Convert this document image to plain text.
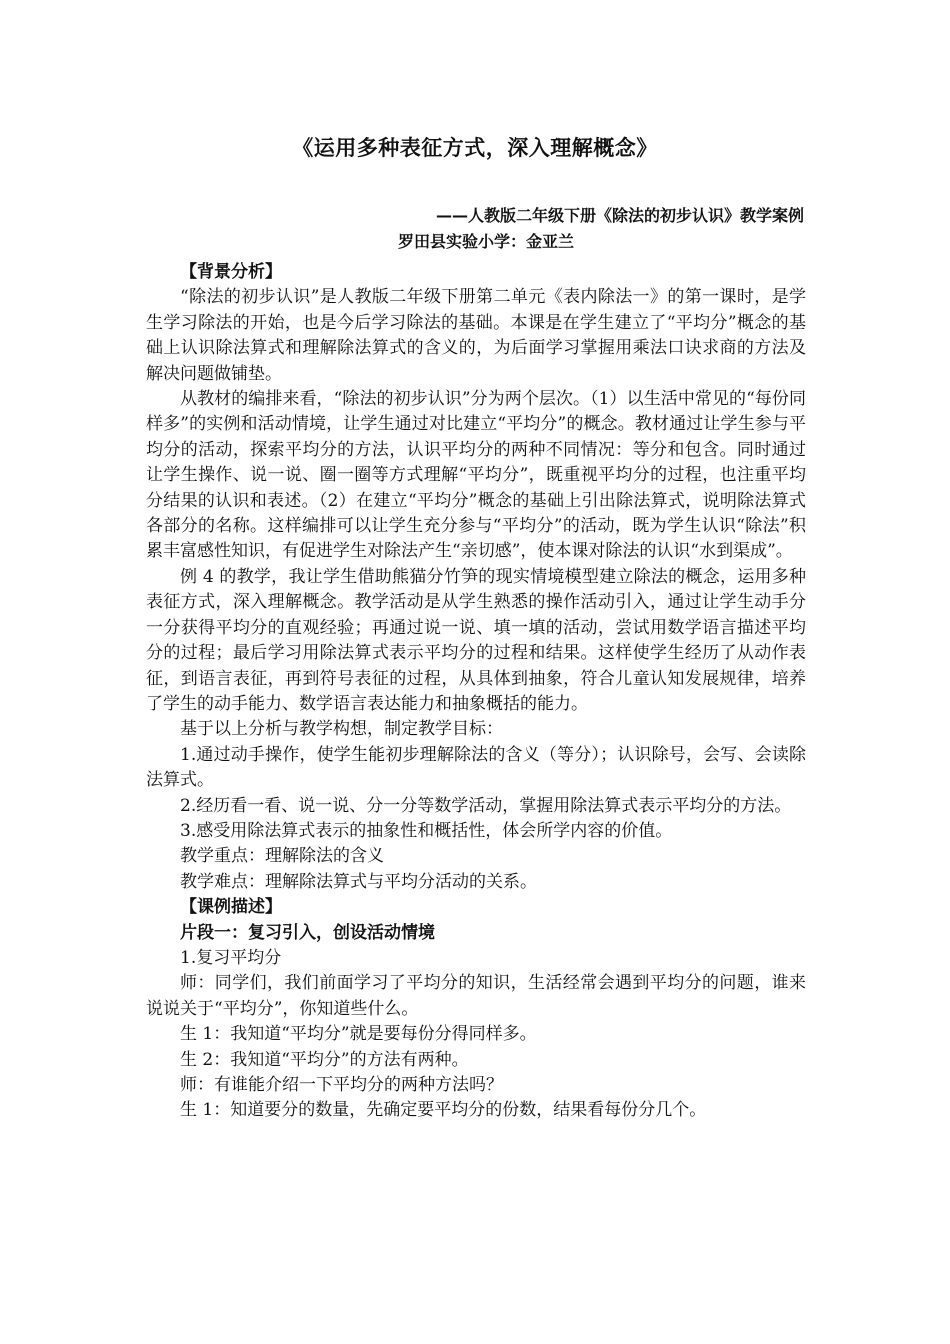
《运用多种表征方式，深入理解概念》
——人教版二年级下册《除法的初步认识》教学案例
罗田县实验小学：金亚兰

【背景分析】

“除法的初步认识”是人教版二年级下册第二单元《表内除法一》的第一课时，是学生学习除法的开始，也是今后学习除法的基础。本课是在学生建立了“平均分”概念的基础上认识除法算式和理解除法算式的含义的，为后面学习掌握用乘法口诀求商的方法及解决问题做铺垫。

从教材的编排来看，“除法的初步认识”分为两个层次。（1）以生活中常见的“每份同样多”的实例和活动情境，让学生通过对比建立“平均分”的概念。教材通过让学生参与平均分的活动，探索平均分的方法，认识平均分的两种不同情况：等分和包含。同时通过让学生操作、说一说、圈一圈等方式理解“平均分”，既重视平均分的过程，也注重平均分结果的认识和表述。（2）在建立“平均分”概念的基础上引出除法算式，说明除法算式各部分的名称。这样编排可以让学生充分参与“平均分”的活动，既为学生认识“除法”积累丰富感性知识，有促进学生对除法产生“亲切感”，使本课对除法的认识“水到渠成”。

例 4 的教学，我让学生借助熊猫分竹笋的现实情境模型建立除法的概念，运用多种表征方式，深入理解概念。教学活动是从学生熟悉的操作活动引入，通过让学生动手分一分获得平均分的直观经验；再通过说一说、填一填的活动，尝试用数学语言描述平均分的过程；最后学习用除法算式表示平均分的过程和结果。这样使学生经历了从动作表征，到语言表征，再到符号表征的过程，从具体到抽象，符合儿童认知发展规律，培养了学生的动手能力、数学语言表达能力和抽象概括的能力。

基于以上分析与教学构想，制定教学目标：

1.通过动手操作，使学生能初步理解除法的含义（等分）；认识除号，会写、会读除法算式。

2.经历看一看、说一说、分一分等数学活动，掌握用除法算式表示平均分的方法。

3.感受用除法算式表示的抽象性和概括性，体会所学内容的价值。

教学重点：理解除法的含义

教学难点：理解除法算式与平均分活动的关系。

【课例描述】

片段一：复习引入，创设活动情境

1.复习平均分

师：同学们，我们前面学习了平均分的知识，生活经常会遇到平均分的问题，谁来说说关于“平均分”，你知道些什么。

生 1：我知道“平均分”就是要每份分得同样多。

生 2：我知道“平均分”的方法有两种。

师：有谁能介绍一下平均分的两种方法吗？

生 1：知道要分的数量，先确定要平均分的份数，结果看每份分几个。
